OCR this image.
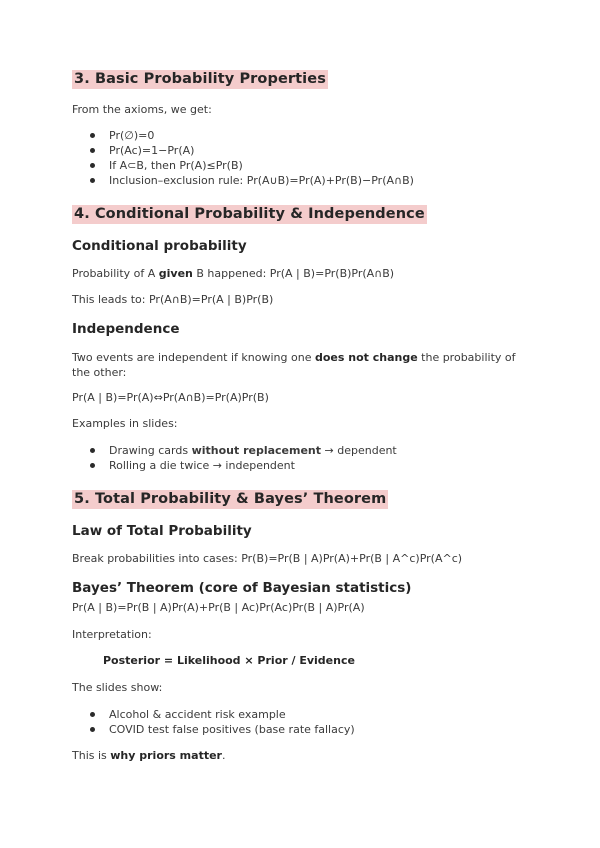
3. Basic Probability Properties
From the axioms, we get:
Pr(∅)=0
Pr(Ac)=1−Pr(A)
If A⊂B, then Pr(A)≤Pr(B)
Inclusion–exclusion rule: Pr(A∪B)=Pr(A)+Pr(B)−Pr(A∩B)
4. Conditional Probability & Independence
Conditional probability
Probability of A given B happened: Pr(A | B)=Pr(B)Pr(A∩B)
This leads to: Pr(A∩B)=Pr(A | B)Pr(B)
Independence
Two events are independent if knowing one does not change the probability of the other:
Pr(A | B)=Pr(A)⇔Pr(A∩B)=Pr(A)Pr(B)
Examples in slides:
Drawing cards without replacement → dependent
Rolling a die twice → independent
5. Total Probability & Bayes’ Theorem
Law of Total Probability
Break probabilities into cases: Pr(B)=Pr(B | A)Pr(A)+Pr(B | A^c)Pr(A^c)
Bayes’ Theorem (core of Bayesian statistics)
Pr(A | B)=Pr(B | A)Pr(A)+Pr(B | Ac)Pr(Ac)Pr(B | A)Pr(A)
Interpretation:
Posterior = Likelihood × Prior / Evidence
The slides show:
Alcohol & accident risk example
COVID test false positives (base rate fallacy)
This is why priors matter.
